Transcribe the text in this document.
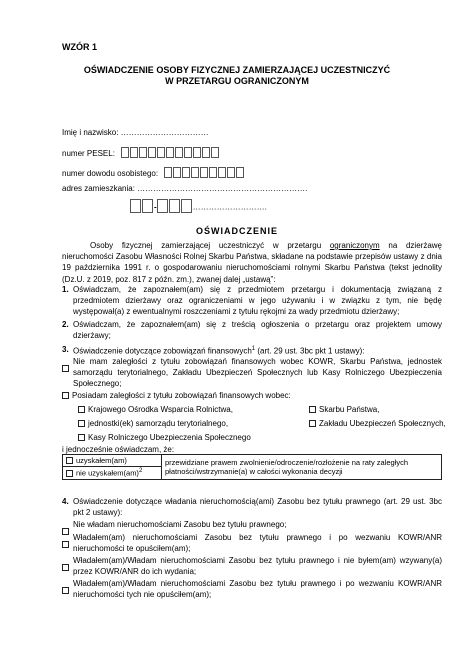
WZÓR 1
OŚWIADCZENIE OSOBY FIZYCZNEJ ZAMIERZAJĄCEJ UCZESTNICZYĆ
W PRZETARGU OGRANICZONYM
Imię i nazwisko: ……………………………
numer PESEL:
numer dowodu osobistego:
adres zamieszkania: ……………………………………………………….
-	……………………….
OŚWIADCZENIE

Osoby fizycznej zamierzającej uczestniczyć w przetargu ograniczonym na dzierżawę nieruchomości Zasobu Własności Rolnej Skarbu Państwa, składane na podstawie przepisów ustawy z dnia 19 października 1991 r. o gospodarowaniu nieruchomościami rolnymi Skarbu Państwa (tekst jednolity (Dz.U. z 2019, poz. 817 z późn. zm.), zwanej dalej „ustawą”:

1. Oświadczam, że zapoznałem(am) się z przedmiotem przetargu i dokumentacją związaną z przedmiotem dzierżawy oraz ograniczeniami w jego używaniu i w związku z tym, nie będę występował(a) z ewentualnymi roszczeniami z tytułu rękojmi za wady przedmiotu dzierżawy;

2. Oświadczam, że zapoznałem(am) się z treścią ogłoszenia o przetargu oraz projektem umowy dzierżawy;

3. Oświadczenie dotyczące zobowiązań finansowych$^1$ (art. 29 ust. 3bc pkt 1 ustawy):

Nie mam zaległości z tytułu zobowiązań finansowych wobec KOWR, Skarbu Państwa, jednostek samorządu terytorialnego, Zakładu Ubezpieczeń Społecznych lub Kasy Rolniczego Ubezpieczenia Społecznego;

Posiadam zaległości z tytułu zobowiązań finansowych wobec:
Krajowego Ośrodka Wsparcia Rolnictwa,	Skarbu Państwa,
jednostki(ek) samorządu terytorialnego,	Zakładu Ubezpieczeń Społecznych,
Kasy Rolniczego Ubezpieczenia Społecznego
i jednocześnie oświadczam, że:
uzyskałem(am)	przewidziane prawem zwolnienie/odroczenie/rozłożenie na raty zaległych płatności/wstrzymanie(a) w całości wykonania decyzji
nie uzyskałem(am)$^2$
4. Oświadczenie dotyczące władania nieruchomością(ami) Zasobu bez tytułu prawnego (art. 29 ust. 3bc pkt 2 ustawy):

Nie władam nieruchomościami Zasobu bez tytułu prawnego;

Władałem(am) nieruchomościami Zasobu bez tytułu prawnego i po wezwaniu KOWR/ANR nieruchomości te opuściłem(am);

Władałem(am)/Władam nieruchomościami Zasobu bez tytułu prawnego i nie byłem(am) wzywany(a) przez KOWR/ANR do ich wydania;

Władałem(am)/Władam nieruchomościami Zasobu bez tytułu prawnego i po wezwaniu KOWR/ANR nieruchomości tych nie opuściłem(am);
